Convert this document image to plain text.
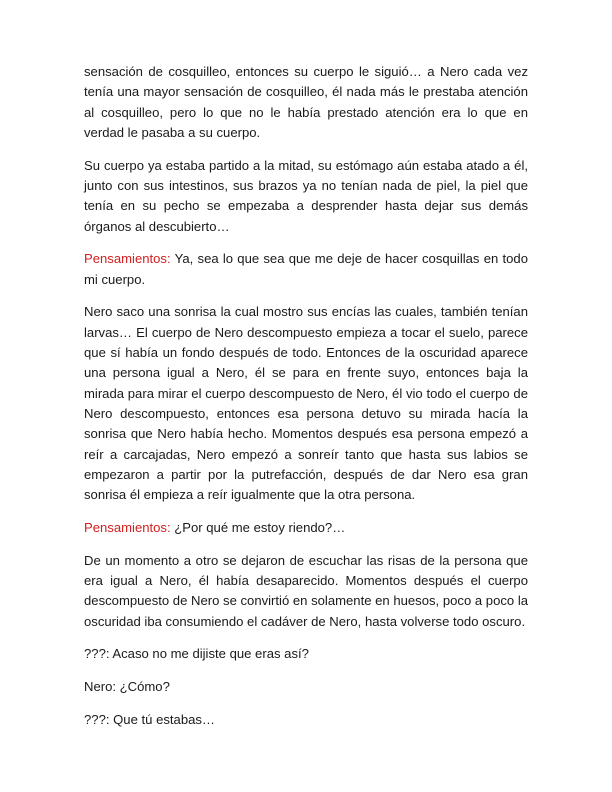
sensación de cosquilleo, entonces su cuerpo le siguió… a Nero cada vez tenía una mayor sensación de cosquilleo, él nada más le prestaba atención al cosquilleo, pero lo que no le había prestado atención era lo que en verdad le pasaba a su cuerpo.

Su cuerpo ya estaba partido a la mitad, su estómago aún estaba atado a él, junto con sus intestinos, sus brazos ya no tenían nada de piel, la piel que tenía en su pecho se empezaba a desprender hasta dejar sus demás órganos al descubierto…

Pensamientos: Ya, sea lo que sea que me deje de hacer cosquillas en todo mi cuerpo.

Nero saco una sonrisa la cual mostro sus encías las cuales, también tenían larvas… El cuerpo de Nero descompuesto empieza a tocar el suelo, parece que sí había un fondo después de todo. Entonces de la oscuridad aparece una persona igual a Nero, él se para en frente suyo, entonces baja la mirada para mirar el cuerpo descompuesto de Nero, él vio todo el cuerpo de Nero descompuesto, entonces esa persona detuvo su mirada hacía la sonrisa que Nero había hecho. Momentos después esa persona empezó a reír a carcajadas, Nero empezó a sonreír tanto que hasta sus labios se empezaron a partir por la putrefacción, después de dar Nero esa gran sonrisa él empieza a reír igualmente que la otra persona.

Pensamientos: ¿Por qué me estoy riendo?…

De un momento a otro se dejaron de escuchar las risas de la persona que era igual a Nero, él había desaparecido. Momentos después el cuerpo descompuesto de Nero se convirtió en solamente en huesos, poco a poco la oscuridad iba consumiendo el cadáver de Nero, hasta volverse todo oscuro.

???: Acaso no me dijiste que eras así?

Nero: ¿Cómo?

???: Que tú estabas…
